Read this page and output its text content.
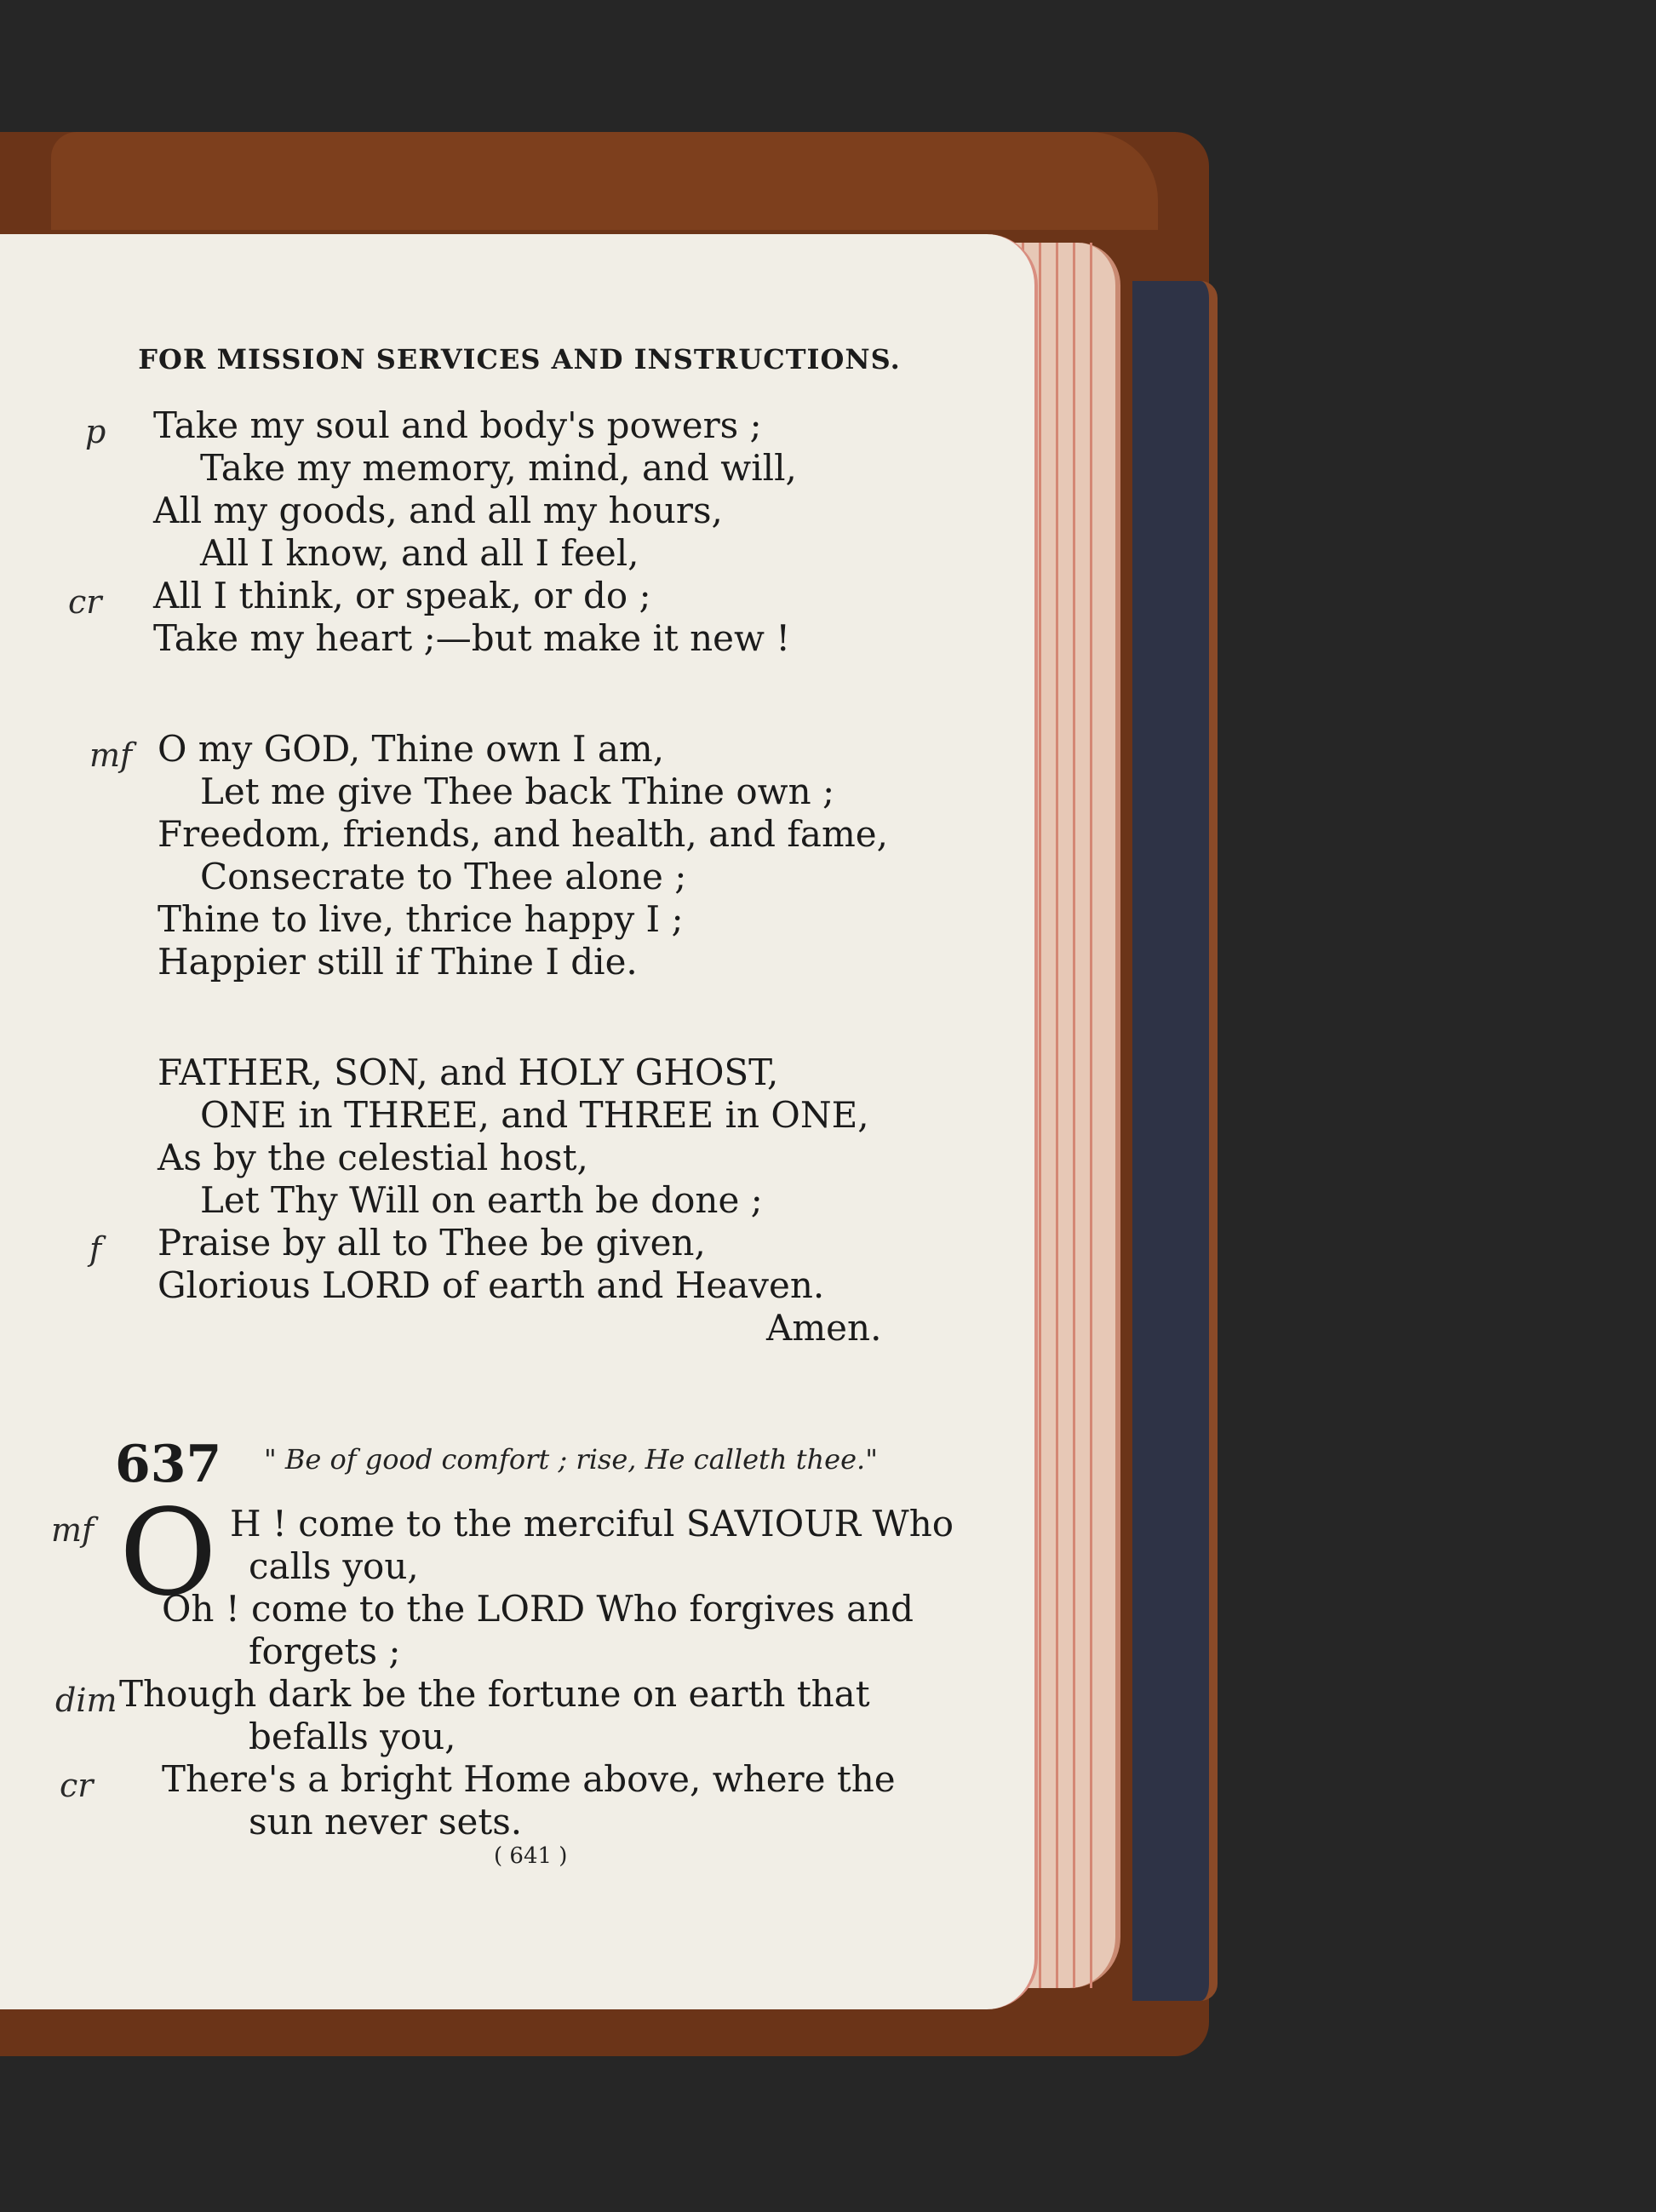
FOR MISSION SERVICES AND INSTRUCTIONS.
p Take my soul and body's powers ;
Take my memory, mind, and will,
All my goods, and all my hours,
All I know, and all I feel,
cr All I think, or speak, or do ;
Take my heart ;—but make it new !
mf O my GOD, Thine own I am,
Let me give Thee back Thine own ;
Freedom, friends, and health, and fame,
Consecrate to Thee alone ;
Thine to live, thrice happy I ;
Happier still if Thine I die.
FATHER, SON, and HOLY GHOST,
ONE in THREE, and THREE in ONE,
As by the celestial host,
Let Thy Will on earth be done ;
f Praise by all to Thee be given,
Glorious LORD of earth and Heaven.
Amen.
637 " Be of good comfort ; rise, He calleth thee."
mf O H ! come to the merciful SAVIOUR Who
calls you,
Oh ! come to the LORD Who forgives and
forgets ;
dim Though dark be the fortune on earth that
befalls you,
cr There's a bright Home above, where the
sun never sets.
( 641 )
